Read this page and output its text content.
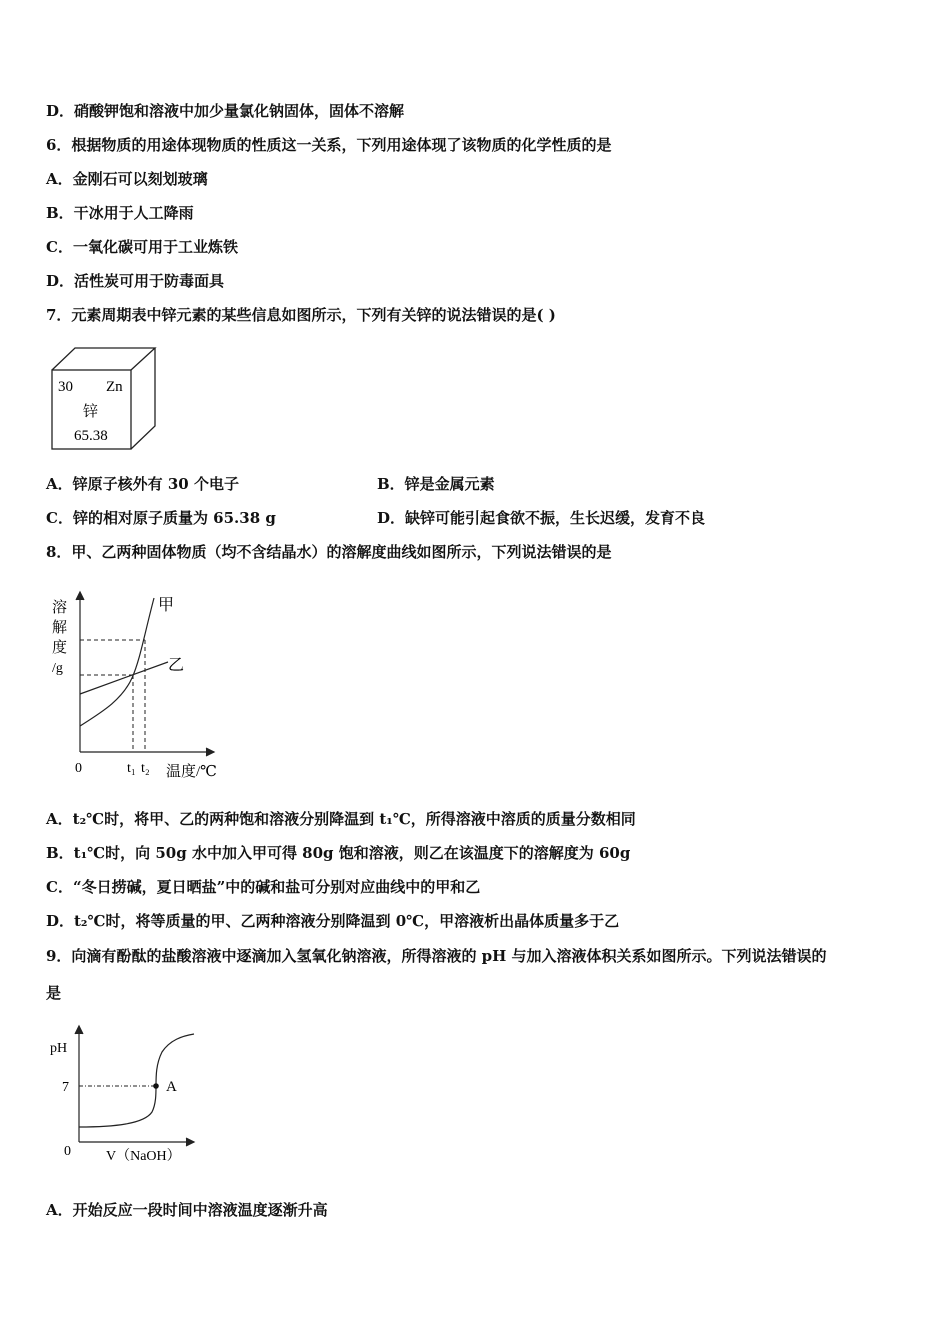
D．硝酸钾饱和溶液中加少量氯化钠固体，固体不溶解
6．根据物质的用途体现物质的性质这一关系，下列用途体现了该物质的化学性质的是
A．金刚石可以刻划玻璃
B．干冰用于人工降雨
C．一氧化碳可用于工业炼铁
D．活性炭可用于防毒面具
7．元素周期表中锌元素的某些信息如图所示，下列有关锌的说法错误的是( )
30 Zn
锌
65.38
A．锌原子核外有 30 个电子	B．锌是金属元素
C．锌的相对原子质量为 65.38 g	D．缺锌可能引起食欲不振，生长迟缓，发育不良
8．甲、乙两种固体物质（均不含结晶水）的溶解度曲线如图所示，下列说法错误的是
溶
解
度
/g
甲
乙
0	t₁ t₂ 温度/℃
A．t₂℃时，将甲、乙的两种饱和溶液分别降温到 t₁℃，所得溶液中溶质的质量分数相同
B．t₁℃时，向 50g 水中加入甲可得 80g 饱和溶液，则乙在该温度下的溶解度为 60g
C．“冬日捞碱，夏日晒盐”中的碱和盐可分别对应曲线中的甲和乙
D．t₂℃时，将等质量的甲、乙两种溶液分别降温到 0℃，甲溶液析出晶体质量多于乙
9．向滴有酚酞的盐酸溶液中逐滴加入氢氧化钠溶液，所得溶液的 pH 与加入溶液体积关系如图所示。下列说法错误的
是
pH
7	A
0	V（NaOH）
A．开始反应一段时间中溶液温度逐渐升高
